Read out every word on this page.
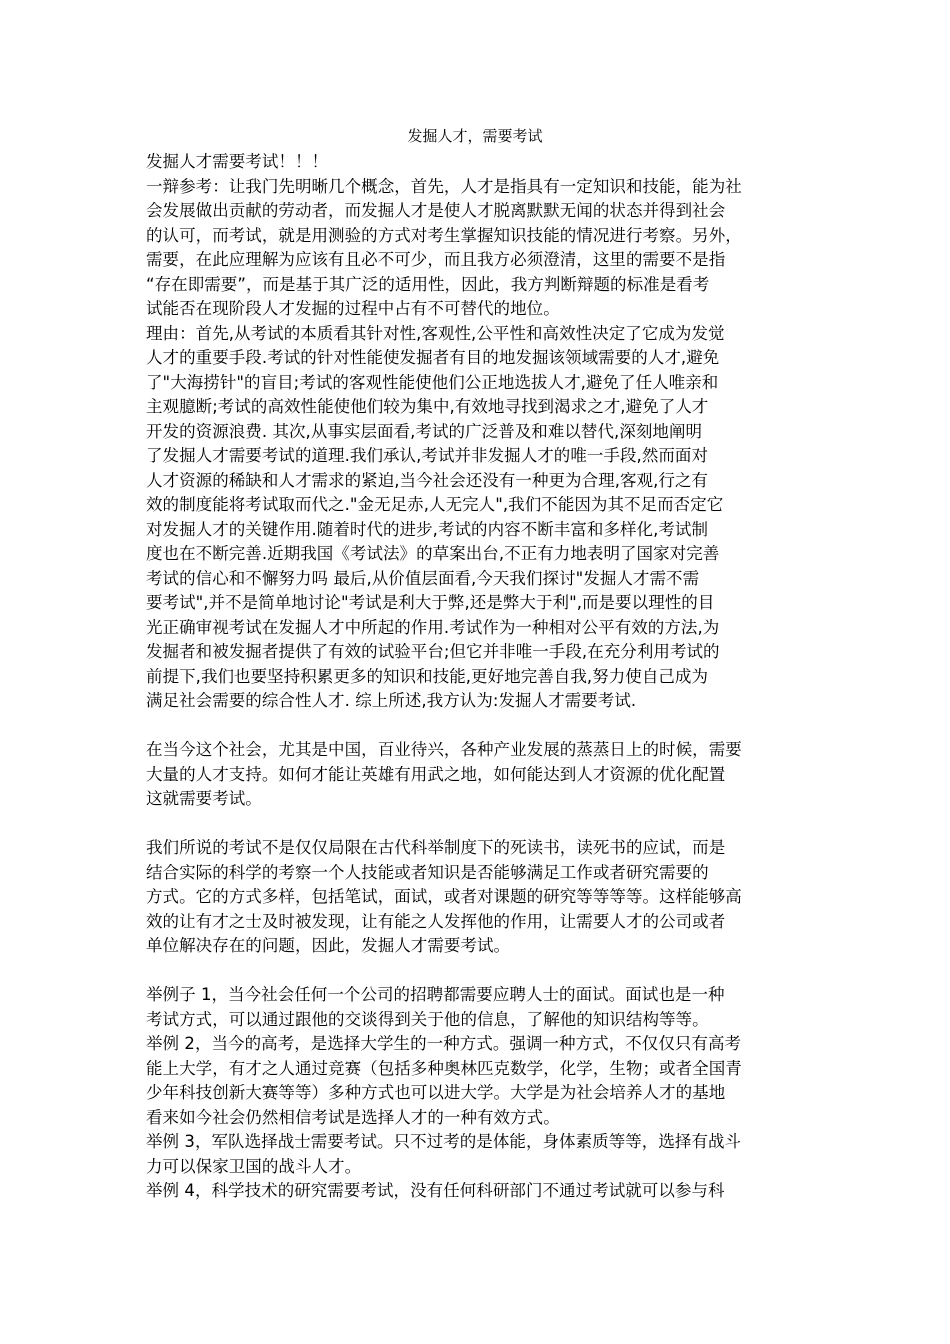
发掘人才，需要考试
发掘人才需要考试！！！
一辩参考：让我门先明晰几个概念，首先，人才是指具有一定知识和技能，能为社
会发展做出贡献的劳动者，而发掘人才是使人才脱离默默无闻的状态并得到社会
的认可，而考试，就是用测验的方式对考生掌握知识技能的情况进行考察。另外，
需要，在此应理解为应该有且必不可少，而且我方必须澄清，这里的需要不是指
“存在即需要”，而是基于其广泛的适用性，因此，我方判断辩题的标准是看考
试能否在现阶段人才发掘的过程中占有不可替代的地位。
理由：首先,从考试的本质看其针对性,客观性,公平性和高效性决定了它成为发觉
人才的重要手段.考试的针对性能使发掘者有目的地发掘该领域需要的人才,避免
了"大海捞针"的盲目;考试的客观性能使他们公正地选拔人才,避免了任人唯亲和
主观臆断;考试的高效性能使他们较为集中,有效地寻找到渴求之才,避免了人才
开发的资源浪费. 其次,从事实层面看,考试的广泛普及和难以替代,深刻地阐明
了发掘人才需要考试的道理.我们承认,考试并非发掘人才的唯一手段,然而面对
人才资源的稀缺和人才需求的紧迫,当今社会还没有一种更为合理,客观,行之有
效的制度能将考试取而代之."金无足赤,人无完人",我们不能因为其不足而否定它
对发掘人才的关键作用.随着时代的进步,考试的内容不断丰富和多样化,考试制
度也在不断完善.近期我国《考试法》的草案出台,不正有力地表明了国家对完善
考试的信心和不懈努力吗 最后,从价值层面看,今天我们探讨"发掘人才需不需
要考试",并不是简单地讨论"考试是利大于弊,还是弊大于利",而是要以理性的目
光正确审视考试在发掘人才中所起的作用.考试作为一种相对公平有效的方法,为
发掘者和被发掘者提供了有效的试验平台;但它并非唯一手段,在充分利用考试的
前提下,我们也要坚持积累更多的知识和技能,更好地完善自我,努力使自己成为
满足社会需要的综合性人才. 综上所述,我方认为:发掘人才需要考试.
在当今这个社会，尤其是中国，百业待兴，各种产业发展的蒸蒸日上的时候，需要
大量的人才支持。如何才能让英雄有用武之地，如何能达到人才资源的优化配置
这就需要考试。
我们所说的考试不是仅仅局限在古代科举制度下的死读书，读死书的应试，而是
结合实际的科学的考察一个人技能或者知识是否能够满足工作或者研究需要的
方式。它的方式多样，包括笔试，面试，或者对课题的研究等等等等。这样能够高
效的让有才之士及时被发现，让有能之人发挥他的作用，让需要人才的公司或者
单位解决存在的问题，因此，发掘人才需要考试。
举例子 1，当今社会任何一个公司的招聘都需要应聘人士的面试。面试也是一种
考试方式，可以通过跟他的交谈得到关于他的信息，了解他的知识结构等等。
举例 2，当今的高考，是选择大学生的一种方式。强调一种方式，不仅仅只有高考
能上大学，有才之人通过竞赛（包括多种奥林匹克数学，化学，生物；或者全国青
少年科技创新大赛等等）多种方式也可以进大学。大学是为社会培养人才的基地
看来如今社会仍然相信考试是选择人才的一种有效方式。
举例 3，军队选择战士需要考试。只不过考的是体能，身体素质等等，选择有战斗
力可以保家卫国的战斗人才。
举例 4，科学技术的研究需要考试，没有任何科研部门不通过考试就可以参与科
